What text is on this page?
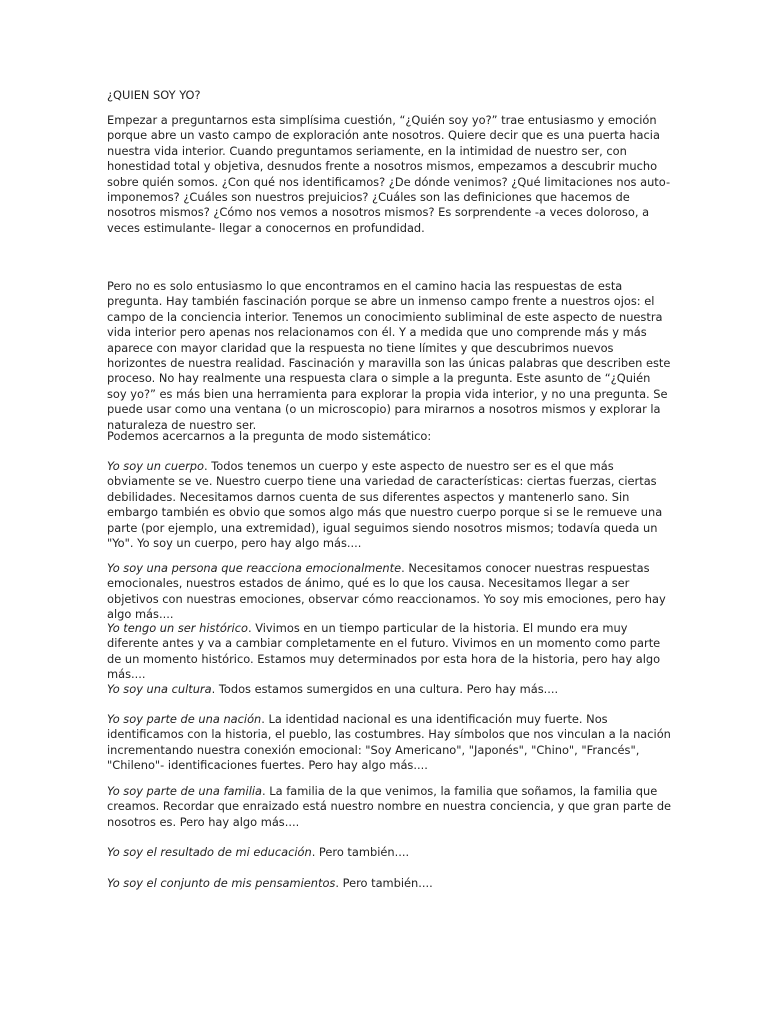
¿QUIEN SOY YO?

Empezar a preguntarnos esta simplísima cuestión, “¿Quién soy yo?” trae entusiasmo y emoción porque abre un vasto campo de exploración ante nosotros. Quiere decir que es una puerta hacia nuestra vida interior. Cuando preguntamos seriamente, en la intimidad de nuestro ser, con honestidad total y objetiva, desnudos frente a nosotros mismos, empezamos a descubrir mucho sobre quién somos. ¿Con qué nos identificamos? ¿De dónde venimos? ¿Qué limitaciones nos auto-imponemos? ¿Cuáles son nuestros prejuicios? ¿Cuáles son las definiciones que hacemos de nosotros mismos? ¿Cómo nos vemos a nosotros mismos? Es sorprendente -a veces doloroso, a veces estimulante- llegar a conocernos en profundidad.

Pero no es solo entusiasmo lo que encontramos en el camino hacia las respuestas de esta pregunta. Hay también fascinación porque se abre un inmenso campo frente a nuestros ojos: el campo de la conciencia interior. Tenemos un conocimiento subliminal de este aspecto de nuestra vida interior pero apenas nos relacionamos con él. Y a medida que uno comprende más y más aparece con mayor claridad que la respuesta no tiene límites y que descubrimos nuevos horizontes de nuestra realidad. Fascinación y maravilla son las únicas palabras que describen este proceso. No hay realmente una respuesta clara o simple a la pregunta. Este asunto de “¿Quién soy yo?” es más bien una herramienta para explorar la propia vida interior, y no una pregunta. Se puede usar como una ventana (o un microscopio) para mirarnos a nosotros mismos y explorar la naturaleza de nuestro ser.

Podemos acercarnos a la pregunta de modo sistemático:

Yo soy un cuerpo. Todos tenemos un cuerpo y este aspecto de nuestro ser es el que más obviamente se ve. Nuestro cuerpo tiene una variedad de características: ciertas fuerzas, ciertas debilidades. Necesitamos darnos cuenta de sus diferentes aspectos y mantenerlo sano. Sin embargo también es obvio que somos algo más que nuestro cuerpo porque si se le remueve una parte (por ejemplo, una extremidad), igual seguimos siendo nosotros mismos; todavía queda un "Yo". Yo soy un cuerpo, pero hay algo más....

Yo soy una persona que reacciona emocionalmente. Necesitamos conocer nuestras respuestas emocionales, nuestros estados de ánimo, qué es lo que los causa. Necesitamos llegar a ser objetivos con nuestras emociones, observar cómo reaccionamos. Yo soy mis emociones, pero hay algo más....

Yo tengo un ser histórico. Vivimos en un tiempo particular de la historia. El mundo era muy diferente antes y va a cambiar completamente en el futuro. Vivimos en un momento como parte de un momento histórico. Estamos muy determinados por esta hora de la historia, pero hay algo más....

Yo soy una cultura. Todos estamos sumergidos en una cultura. Pero hay más....

Yo soy parte de una nación. La identidad nacional es una identificación muy fuerte. Nos identificamos con la historia, el pueblo, las costumbres. Hay símbolos que nos vinculan a la nación incrementando nuestra conexión emocional: "Soy Americano", "Japonés", "Chino", "Francés", "Chileno"- identificaciones fuertes. Pero hay algo más....

Yo soy parte de una familia. La familia de la que venimos, la familia que soñamos, la familia que creamos. Recordar que enraizado está nuestro nombre en nuestra conciencia, y que gran parte de nosotros es. Pero hay algo más....

Yo soy el resultado de mi educación. Pero también....

Yo soy el conjunto de mis pensamientos. Pero también....
